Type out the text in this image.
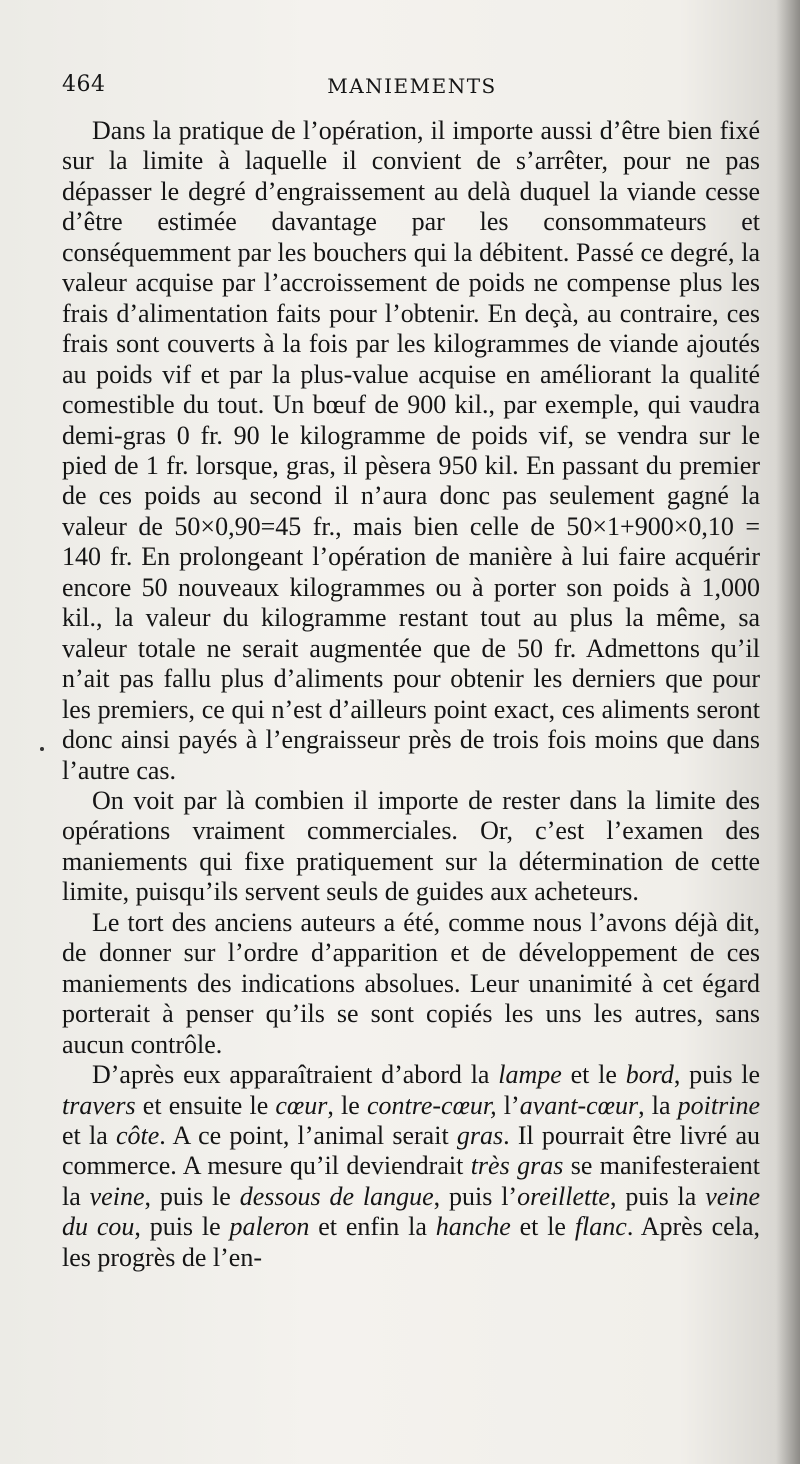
464	MANIEMENTS

Dans la pratique de l’opération, il importe aussi d’être bien fixé sur la limite à laquelle il convient de s’arrêter, pour ne pas dépasser le degré d’engraissement au delà duquel la viande cesse d’être estimée davantage par les consommateurs et conséquemment par les bouchers qui la débitent. Passé ce degré, la valeur acquise par l’accroissement de poids ne compense plus les frais d’alimentation faits pour l’obtenir. En deçà, au contraire, ces frais sont couverts à la fois par les kilogrammes de viande ajoutés au poids vif et par la plus-value acquise en améliorant la qualité comestible du tout. Un bœuf de 900 kil., par exemple, qui vaudra demi-gras 0 fr. 90 le kilogramme de poids vif, se vendra sur le pied de 1 fr. lorsque, gras, il pèsera 950 kil. En passant du premier de ces poids au second il n’aura donc pas seulement gagné la valeur de 50×0,90=45 fr., mais bien celle de 50×1+900×0,10 = 140 fr. En prolongeant l’opération de manière à lui faire acquérir encore 50 nouveaux kilogrammes ou à porter son poids à 1,000 kil., la valeur du kilogramme restant tout au plus la même, sa valeur totale ne serait augmentée que de 50 fr. Admettons qu’il n’ait pas fallu plus d’aliments pour obtenir les derniers que pour les premiers, ce qui n’est d’ailleurs point exact, ces aliments seront donc ainsi payés à l’engraisseur près de trois fois moins que dans l’autre cas.

On voit par là combien il importe de rester dans la limite des opérations vraiment commerciales. Or, c’est l’examen des maniements qui fixe pratiquement sur la détermination de cette limite, puisqu’ils servent seuls de guides aux acheteurs.

Le tort des anciens auteurs a été, comme nous l’avons déjà dit, de donner sur l’ordre d’apparition et de développement de ces maniements des indications absolues. Leur unanimité à cet égard porterait à penser qu’ils se sont copiés les uns les autres, sans aucun contrôle.

D’après eux apparaîtraient d’abord la lampe et le bord, puis le travers et ensuite le cœur, le contre-cœur, l’avant-cœur, la poitrine et la côte. A ce point, l’animal serait gras. Il pourrait être livré au commerce. A mesure qu’il deviendrait très gras se manifesteraient la veine, puis le dessous de langue, puis l’oreillette, puis la veine du cou, puis le paleron et enfin la hanche et le flanc. Après cela, les progrès de l’en-
